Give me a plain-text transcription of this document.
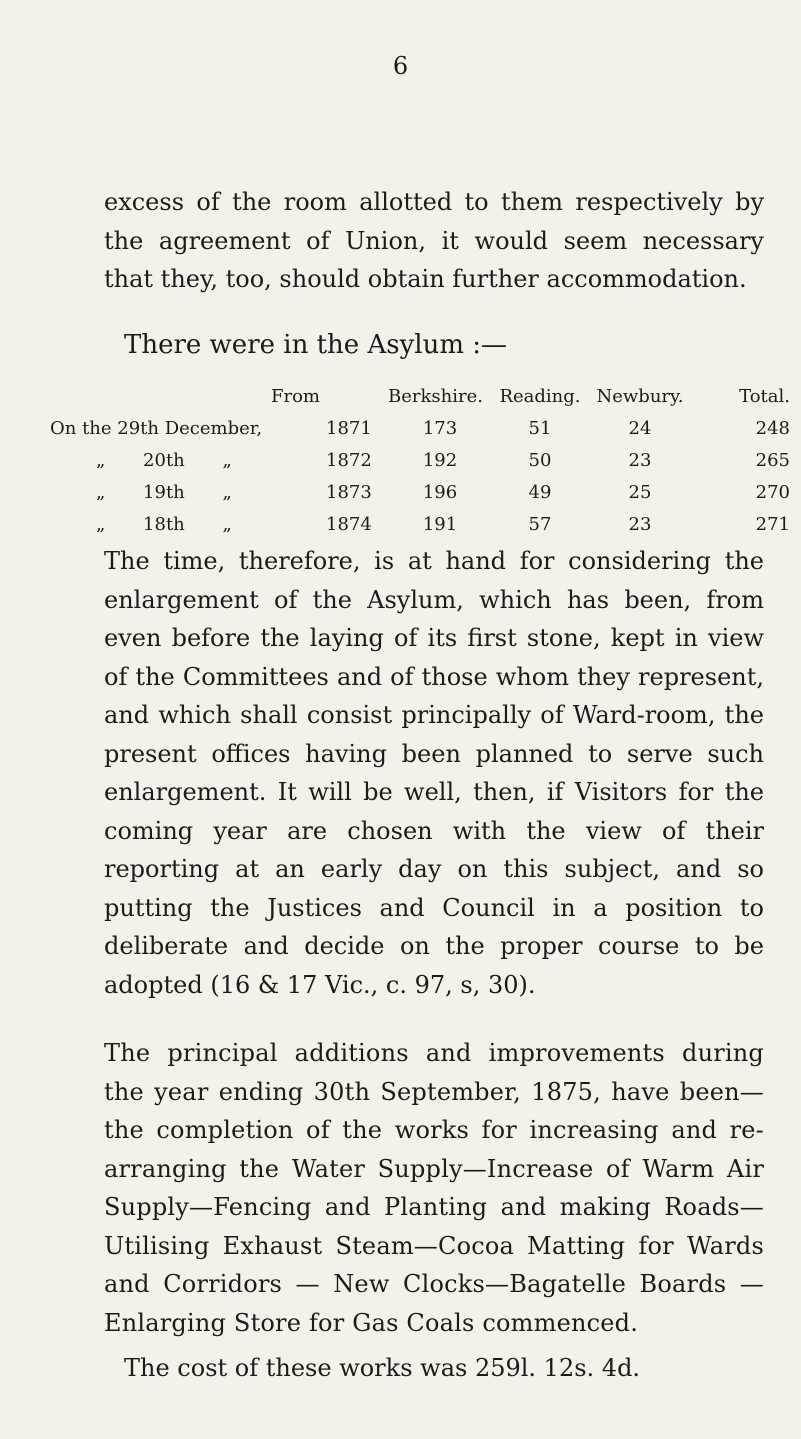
6

excess of the room allotted to them respectively by the agreement of Union, it would seem necessary that they, too, should obtain further accommodation.

There were in the Asylum :—
From		Berkshire.	Reading.	Newbury.	Total.
On the 29th December,	1871	173	51	24	248
„ 20th „	1872	192	50	23	265
„ 19th „	1873	196	49	25	270
„ 18th „	1874	191	57	23	271

The time, therefore, is at hand for considering the enlargement of the Asylum, which has been, from even before the laying of its first stone, kept in view of the Committees and of those whom they represent, and which shall consist principally of Ward-room, the present offices having been planned to serve such enlargement. It will be well, then, if Visitors for the coming year are chosen with the view of their reporting at an early day on this subject, and so putting the Justices and Council in a position to deliberate and decide on the proper course to be adopted (16 & 17 Vic., c. 97, s, 30).

The principal additions and improvements during the year ending 30th September, 1875, have been—the completion of the works for increasing and re-arranging the Water Supply—Increase of Warm Air Supply—Fencing and Planting and making Roads—Utilising Exhaust Steam—Cocoa Matting for Wards and Corridors — New Clocks—Bagatelle Boards — Enlarging Store for Gas Coals commenced.

The cost of these works was 259l. 12s. 4d.
